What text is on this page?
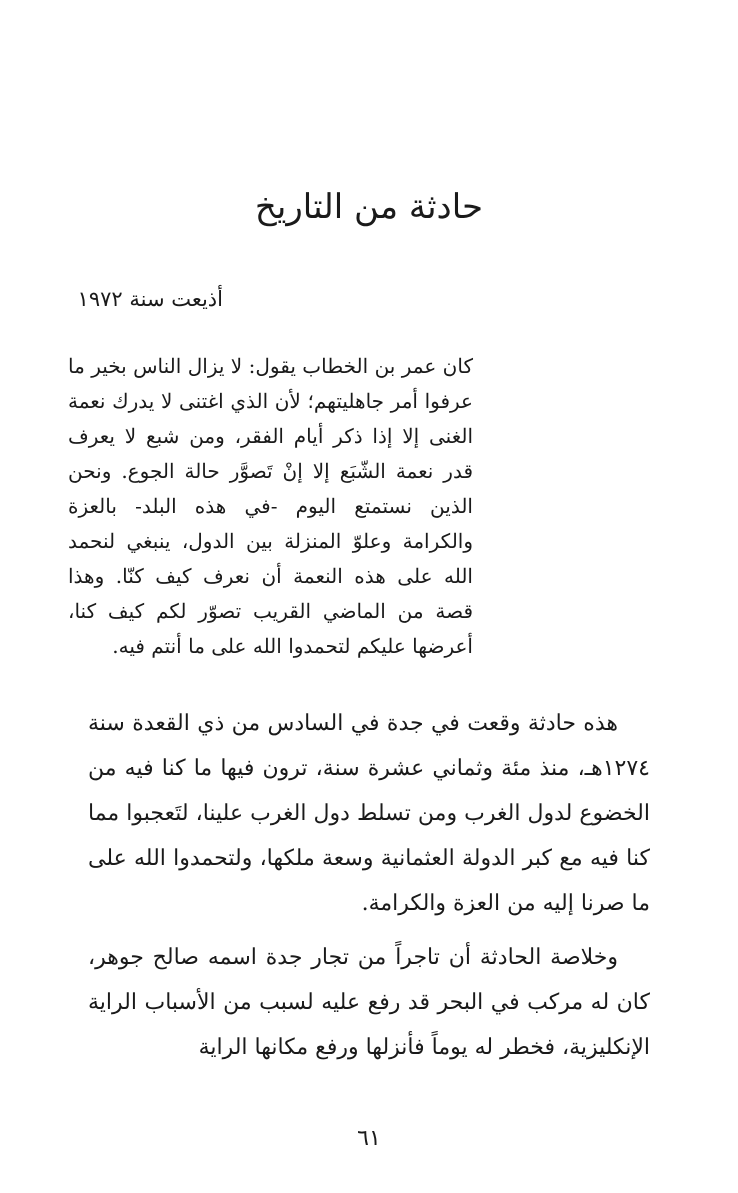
حادثة من التاريخ
أذيعت سنة ١٩٧٢

كان عمر بن الخطاب يقول: لا يزال الناس بخير ما عرفوا أمر جاهليتهم؛ لأن الذي اغتنى لا يدرك نعمة الغنى إلا إذا ذكر أيام الفقر، ومن شبع لا يعرف قدر نعمة الشّبَع إلا إنْ تَصوَّر حالة الجوع. ونحن الذين نستمتع اليوم -في هذه البلد- بالعزة والكرامة وعلوّ المنزلة بين الدول، ينبغي لنحمد الله على هذه النعمة أن نعرف كيف كنّا. وهذا قصة من الماضي القريب تصوّر لكم كيف كنا، أعرضها عليكم لتحمدوا الله على ما أنتم فيه.

هذه حادثة وقعت في جدة في السادس من ذي القعدة سنة ١٢٧٤هـ، منذ مئة وثماني عشرة سنة، ترون فيها ما كنا فيه من الخضوع لدول الغرب ومن تسلط دول الغرب علينا، لتَعجبوا مما كنا فيه مع كبر الدولة العثمانية وسعة ملكها، ولتحمدوا الله على ما صرنا إليه من العزة والكرامة.

وخلاصة الحادثة أن تاجراً من تجار جدة اسمه صالح جوهر، كان له مركب في البحر قد رفع عليه لسبب من الأسباب الراية الإنكليزية، فخطر له يوماً فأنزلها ورفع مكانها الراية

٦١
